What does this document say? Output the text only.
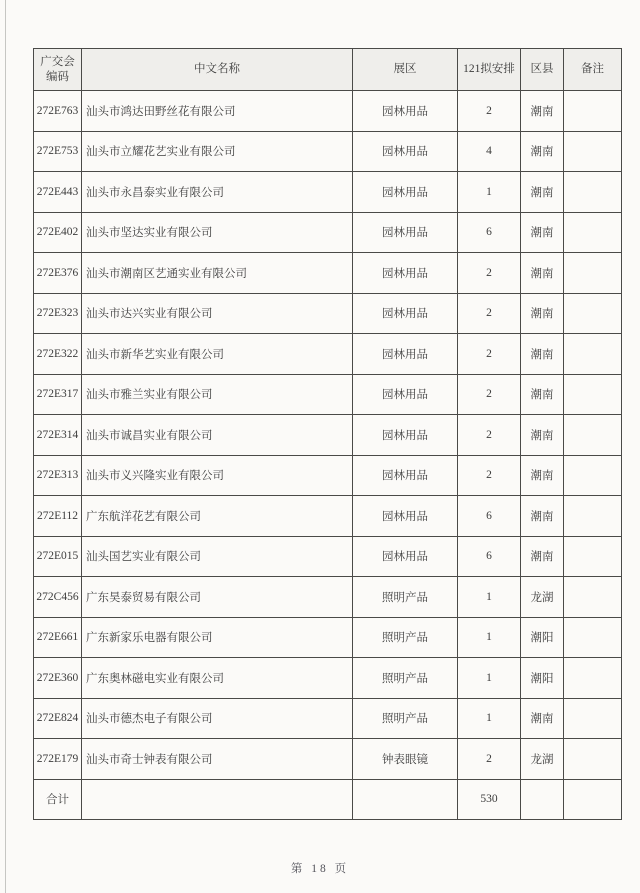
广交会
编码	中文名称	展区	121拟安排	区县	备注
272E763	汕头市鸿达田野丝花有限公司	园林用品	2	潮南	
272E753	汕头市立耀花艺实业有限公司	园林用品	4	潮南	
272E443	汕头市永昌泰实业有限公司	园林用品	1	潮南	
272E402	汕头市坚达实业有限公司	园林用品	6	潮南	
272E376	汕头市潮南区艺通实业有限公司	园林用品	2	潮南	
272E323	汕头市达兴实业有限公司	园林用品	2	潮南	
272E322	汕头市新华艺实业有限公司	园林用品	2	潮南	
272E317	汕头市雅兰实业有限公司	园林用品	2	潮南	
272E314	汕头市诚昌实业有限公司	园林用品	2	潮南	
272E313	汕头市义兴隆实业有限公司	园林用品	2	潮南	
272E112	广东航洋花艺有限公司	园林用品	6	潮南	
272E015	汕头国艺实业有限公司	园林用品	6	潮南	
272C456	广东昊泰贸易有限公司	照明产品	1	龙湖	
272E661	广东新家乐电器有限公司	照明产品	1	潮阳	
272E360	广东奥林磁电实业有限公司	照明产品	1	潮阳	
272E824	汕头市德杰电子有限公司	照明产品	1	潮南	
272E179	汕头市奇士钟表有限公司	钟表眼镜	2	龙湖	
合计			530		
第 18 页
